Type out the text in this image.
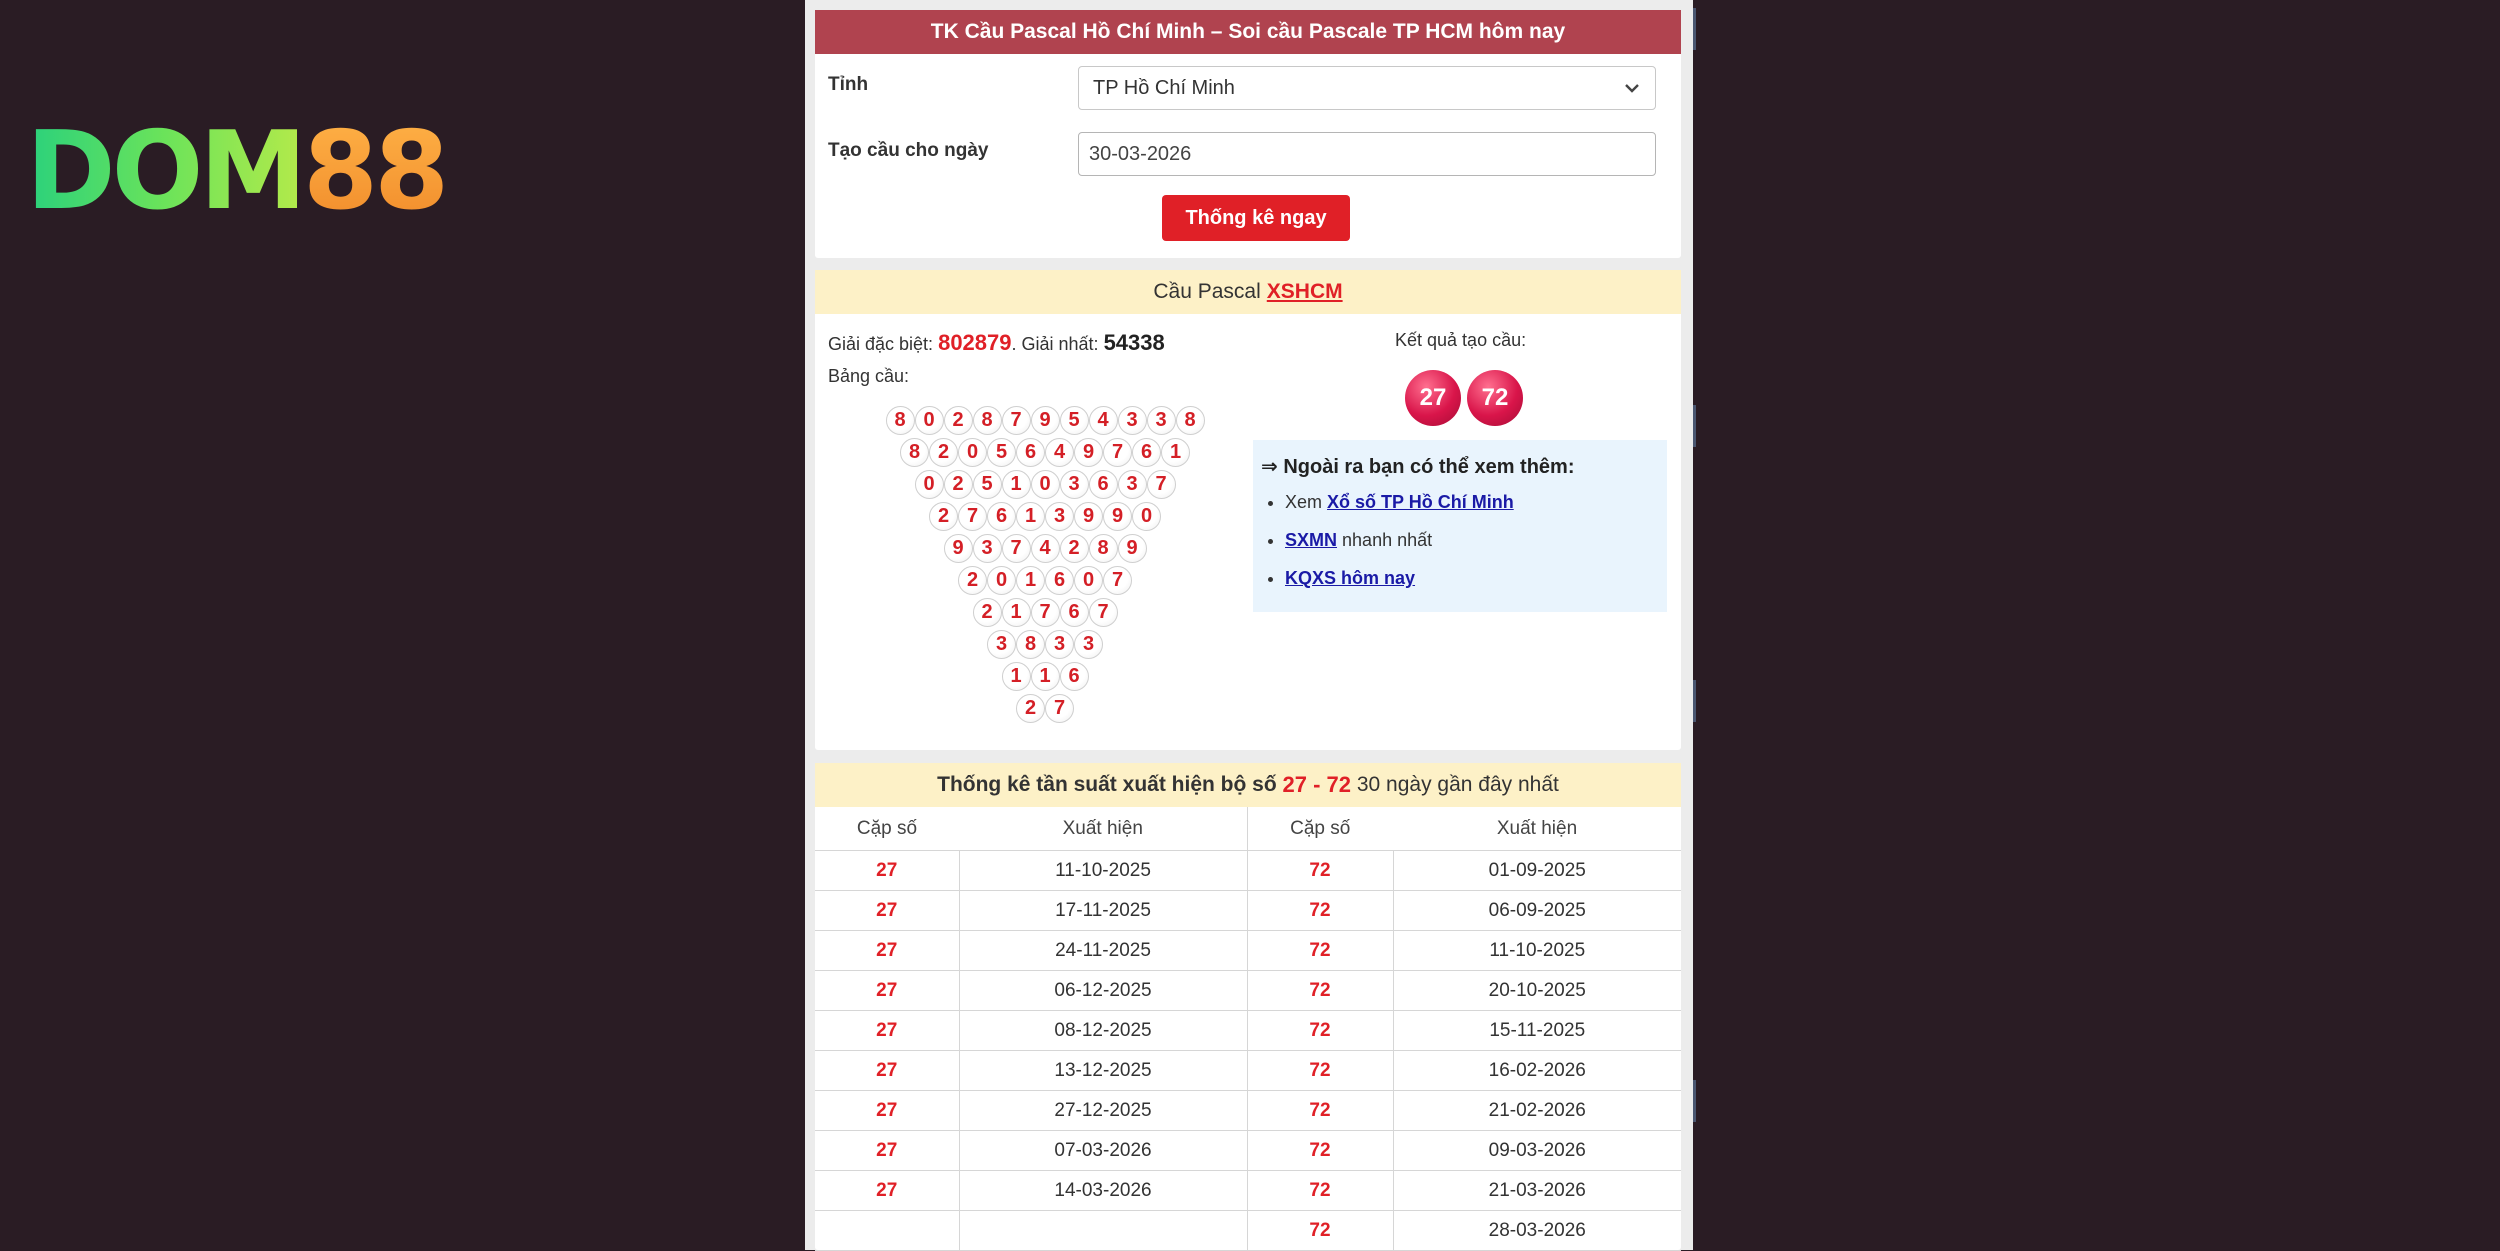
DOM88
TK Cầu Pascal Hồ Chí Minh – Soi cầu Pascale TP HCM hôm nay
Tỉnh	TP Hồ Chí Minh
Tạo cầu cho ngày
30-03-2026
Thống kê ngay
Cầu Pascal XSHCM
Giải đặc biệt: 802879. Giải nhất: 54338
Bảng cầu:
8 0 2 8 7 9 5 4 3 3 8
8 2 0 5 6 4 9 7 6 1
0 2 5 1 0 3 6 3 7
2 7 6 1 3 9 9 0
9 3 7 4 2 8 9
2 0 1 6 0 7
2 1 7 6 7
3 8 3 3
1 1 6
2 7
Kết quả tạo cầu:
27	72
⇒ Ngoài ra bạn có thể xem thêm:
• Xem Xổ số TP Hồ Chí Minh
• SXMN nhanh nhất
• KQXS hôm nay
Thống kê tần suất xuất hiện bộ số
27 - 72
30 ngày gần đây nhất
Cặp số	Xuất hiện	Cặp số	Xuất hiện
27	11-10-2025	72	01-09-2025
27	17-11-2025	72	06-09-2025
27	24-11-2025	72	11-10-2025
27	06-12-2025	72	20-10-2025
27	08-12-2025	72	15-11-2025
27	13-12-2025	72	16-02-2026
27	27-12-2025	72	21-02-2026
27	07-03-2026	72	09-03-2026
27	14-03-2026	72	21-03-2026
		72	28-03-2026
